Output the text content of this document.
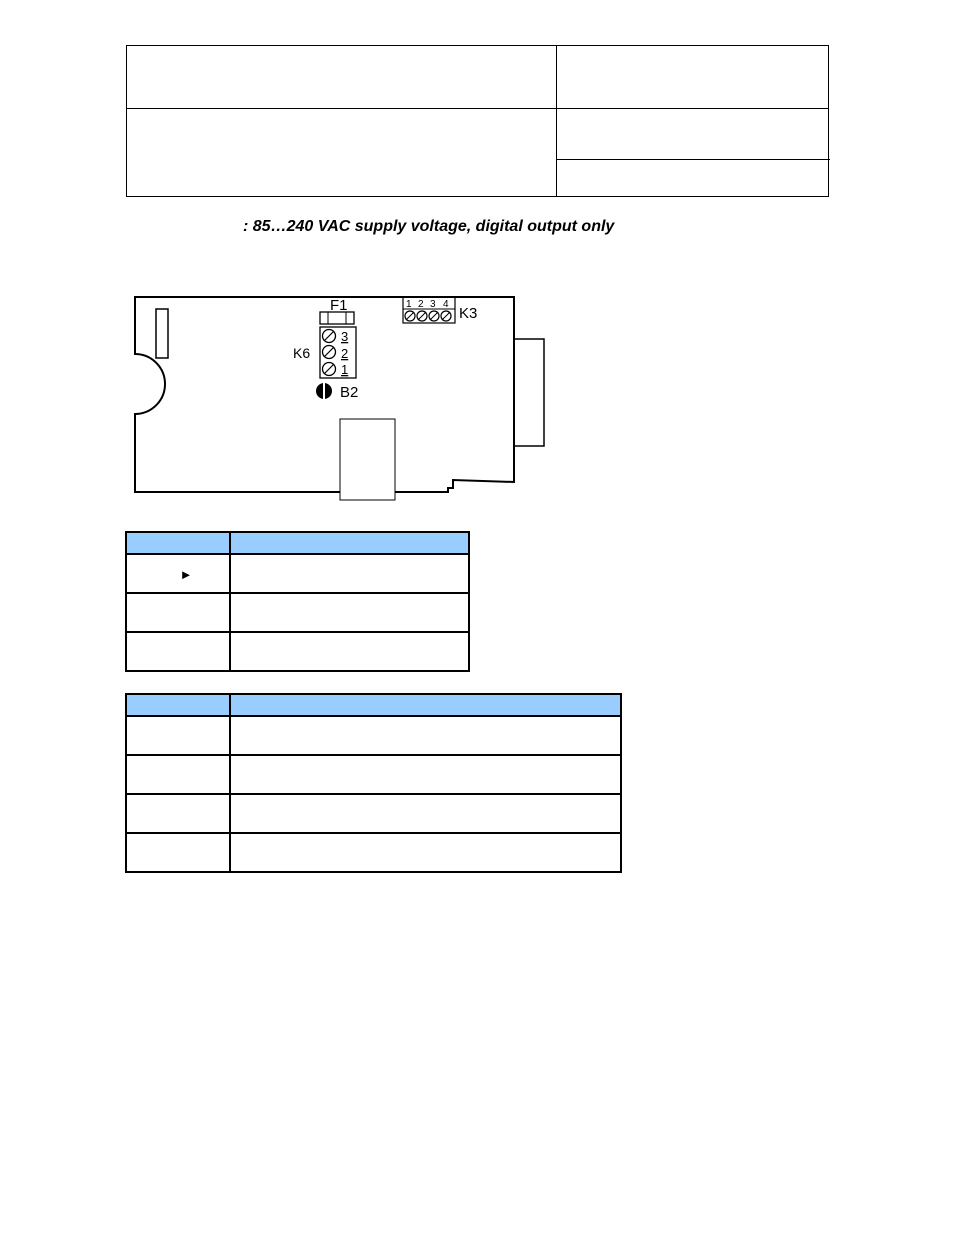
: 85…240 VAC supply voltage, digital output only
F1
K6
3
2
1
B2
1 2 3 4
K3

►	
